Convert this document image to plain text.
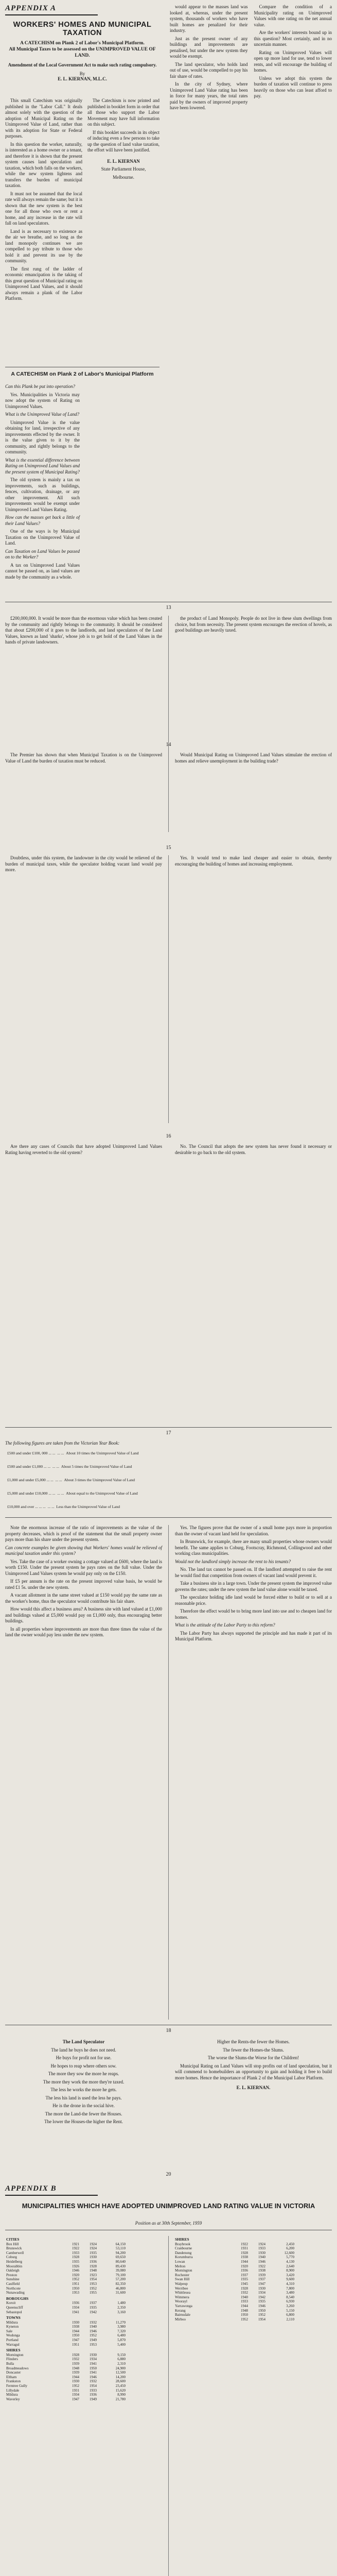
APPENDIX A
WORKERS' HOMES AND MUNICIPAL TAXATION
A CATECHISM on Plank 2 of Labor's Municipal Platform.
All Municipal Taxes to be assessed on the UNIMPROVED VALUE OF LAND.
Amendment of the Local Government Act to make such rating compulsory.
By
E. L. KIERNAN, M.L.C.

This small Catechism was originally published in the "Labor Call." It deals almost solely with the question of the adoption of Municipal Rating on the Unimproved Value of Land, rather than with its adoption for State or Federal purposes.

In this question the worker, naturally, is interested as a home owner or a tenant, and therefore it is shown that the present system causes land speculation and taxation, which both falls on the workers, while the new system lightens and transfers the burden of municipal taxation.

It must not be assumed that the local rate will always remain the same; but it is shown that the new system is the best one for all those who own or rent a home, and any increase in the rate will fall on land speculators.

Land is as necessary to existence as the air we breathe, and so long as the land monopoly continues we are compelled to pay tribute to those who hold it and prevent its use by the community.

The first rung of the ladder of economic emancipation is the taking of this great question of Municipal rating on Unimproved Land Values, and it should always remain a plank of the Labor Platform.

The Catechism is now printed and published in booklet form in order that all those who support the Labor Movement may have full information on this subject.

If this booklet succeeds in its object of inducing even a few persons to take up the question of land value taxation, the effort will have been justified.

E. L. KIERNAN

State Parliament House,

Melbourne.

A CATECHISM on Plank 2 of Labor's Municipal Platform

Can this Plank be put into operation?

Yes. Municipalities in Victoria may now adopt the system of Rating on Unimproved Values.

What is the Unimproved Value of Land?

Unimproved Value is the value obtaining for land, irrespective of any improvements effected by the owner. It is the value given to it by the community, and rightly belongs to the community.

What is the essential difference between Rating on Unimproved Land Values and the present system of Municipal Rating?

The old system is mainly a tax on improvements, such as buildings, fences, cultivation, drainage, or any other improvement. All such improvements would be exempt under Unimproved Land Values Rating.

How can the masses get back a little of their Land Values?

One of the ways is by Municipal Taxation on the Unimproved Value of Land.

Can Taxation on Land Values be passed on to the Worker?

A tax on Unimproved Land Values cannot be passed on, as land values are made by the community as a whole.

would appear to the masses land was looked at, whereas, under the present system, thousands of workers who have built homes are penalized for their industry.

Just as the present owner of any buildings and improvements are penalised, but under the new system they would be exempt.

The land speculator, who holds land out of use, would be compelled to pay his fair share of rates.

In the city of Sydney, where Unimproved Land Value rating has been in force for many years, the total rates paid by the owners of improved property have been lowered.

Compare the condition of a Municipality rating on Unimproved Values with one rating on the net annual value.

Are the workers' interests bound up in this question? Most certainly, and in no uncertain manner.

Rating on Unimproved Values will open up more land for use, tend to lower rents, and will encourage the building of homes.

Unless we adopt this system the burden of taxation will continue to press heavily on those who can least afford to pay.

13

£200,000,000. It would be more than the enormous value which has been created by the community and rightly belongs to the community. It should be considered that about £200,000 of it goes to the landlords, and land speculators of the Land Values, known as land 'sharks', whose job is to get hold of the Land Values in the hands of private landowners.

the product of Land Monopoly. People do not live in these slum dwellings from choice, but from necessity. The present system encourages the erection of hovels, as good buildings are heavily taxed.

14

The Premier has shown that when Municipal Taxation is on the Unimproved Value of Land the burden of taxation must be reduced.

Would Municipal Rating on Unimproved Land Values stimulate the erection of homes and relieve unemployment in the building trade?

15

Doubtless, under this system, the landowner in the city would be relieved of the burden of municipal taxes, while the speculator holding vacant land would pay more.

Yes. It would tend to make land cheaper and easier to obtain, thereby encouraging the building of homes and increasing employment.

16

Are there any cases of Councils that have adopted Unimproved Land Values Rating having reverted to the old system?

No. The Council that adopts the new system has never found it necessary or desirable to go back to the old system.

17
The following figures are taken from the Victorian Year Book:
£500 and under £100, 000 ... ... ... ... About 10 times the Unimproved Value of Land
£500 and under £1,000 ... ... ... ... About 5 times the Unimproved Value of Land
£1,000 and under £5,000 ... ... ... ... About 3 times the Unimproved Value of Land
£5,000 and under £10,000 ... ... ... ... About equal to the Unimproved Value of Land
£10,000 and over ... ... ... ... ... Less than the Unimproved Value of Land

Note the enormous increase of the ratio of improvements as the value of the property decreases, which is proof of the statement that the small property owner pays more than his share under the present system.

Can concrete examples be given showing that Workers' homes would be relieved of municipal taxation under this system?

Yes. Take the case of a worker owning a cottage valued at £600, where the land is worth £150. Under the present system he pays rates on the full value. Under the Unimproved Land Values system he would pay only on the £150.

If £5 per annum is the rate on the present improved value basis, he would be rated £1 5s. under the new system.

A vacant allotment in the same street valued at £150 would pay the same rate as the worker's home, thus the speculator would contribute his fair share.

How would this affect a business area? A business site with land valued at £1,000 and buildings valued at £5,000 would pay on £1,000 only, thus encouraging better buildings.

In all properties where improvements are more than three times the value of the land the owner would pay less under the new system.

Yes. The figures prove that the owner of a small home pays more in proportion than the owner of vacant land held for speculation.

In Brunswick, for example, there are many small properties whose owners would benefit. The same applies to Coburg, Footscray, Richmond, Collingwood and other working class municipalities.

Would not the landlord simply increase the rent to his tenants?

No. The land tax cannot be passed on. If the landlord attempted to raise the rent he would find that competition from owners of vacant land would prevent it.

Take a business site in a large town. Under the present system the improved value governs the rates; under the new system the land value alone would be taxed.

The speculator holding idle land would be forced either to build or to sell at a reasonable price.

Therefore the effect would be to bring more land into use and to cheapen land for homes.

What is the attitude of the Labor Party to this reform?

The Labor Party has always supported the principle and has made it part of its Municipal Platform.

18

The Land Speculator

The land he buys he does not need.

He buys for profit not for use.

He hopes to reap where others sow.

The more they sow the more he reaps.

The more they work the more they're taxed.

The less he works the more he gets.

The less his land is used the less he pays.

He is the drone in the social hive.

The more the Land-the fewer the Houses.

The lower the Houses-the higher the Rent.

Higher the Rents-the fewer the Homes.

The fewer the Homes-the Slums.

The worse the Slums-the Worse for the Children!

Municipal Rating on Land Values will stop profits out of land speculation, but it will commend to homebuilders an opportunity to gain and holding it free to build more homes. Hence the importance of Plank 2 of the Municipal Labor Platform.

E. L. KIERNAN.

20
APPENDIX B
MUNICIPALITIES WHICH HAVE ADOPTED UNIMPROVED LAND RATING VALUE IN VICTORIA
Position as at 30th September, 1959
CITIES
Box Hill	1921	1924	64,150
Brunswick	1922	1924	53,110
Camberwell	1933	1935	94,200
Coburg	1928	1930	69,650
Heidelberg	1935	1936	80,640
Moorabbin	1926	1928	89,430
Oakleigh	1946	1948	39,080
Preston	1920	1923	79,100
Sunshine	1952	1954	57,200
Caulfield	1951	1953	82,350
Northcote	1950	1952	46,800
Nunawading	1953	1955	31,600
BOROUGHS
Koroit	1936	1937	1,480
Queenscliff	1934	1935	2,350
Sebastopol	1941	1942	3,160
TOWNS
Mildura	1930	1932	11,270
Kyneton	1938	1940	3,980
Sale	1944	1946	7,320
Wodonga	1950	1952	6,480
Portland	1947	1949	5,870
Warragul	1951	1953	5,400
SHIRES
Mornington	1928	1930	9,150
Flinders	1932	1934	6,880
Bulla	1939	1941	2,310
Broadmeadows	1948	1950	24,900
Doncaster	1939	1941	12,500
Eltham	1944	1946	14,200
Frankston	1930	1932	28,600
Ferntree Gully	1952	1954	23,450
Lillydale	1931	1933	15,620
Mildura	1934	1936	8,990
Waverley	1947	1949	21,780
SHIRES
Braybrook	1922	1924	2,450
Cranbourne	1931	1933	6,200
Dandenong	1928	1930	12,600
Korumburra	1938	1940	5,770
Lowan	1944	1946	4,130
Melton	1920	1922	2,640
Mornington	1936	1938	8,900
Rochester	1937	1939	3,420
Swan Hill	1935	1937	9,600
Walpeup	1945	1947	4,310
Werribee	1928	1930	7,800
Whittlesea	1932	1934	3,480
Wimmera	1940	1942	8,540
Woorayl	1933	1935	6,930
Yarrawonga	1944	1946	3,260
Kerang	1948	1950	5,150
Bairnsdale	1950	1952	6,800
Mirboo	1952	1954	2,110
